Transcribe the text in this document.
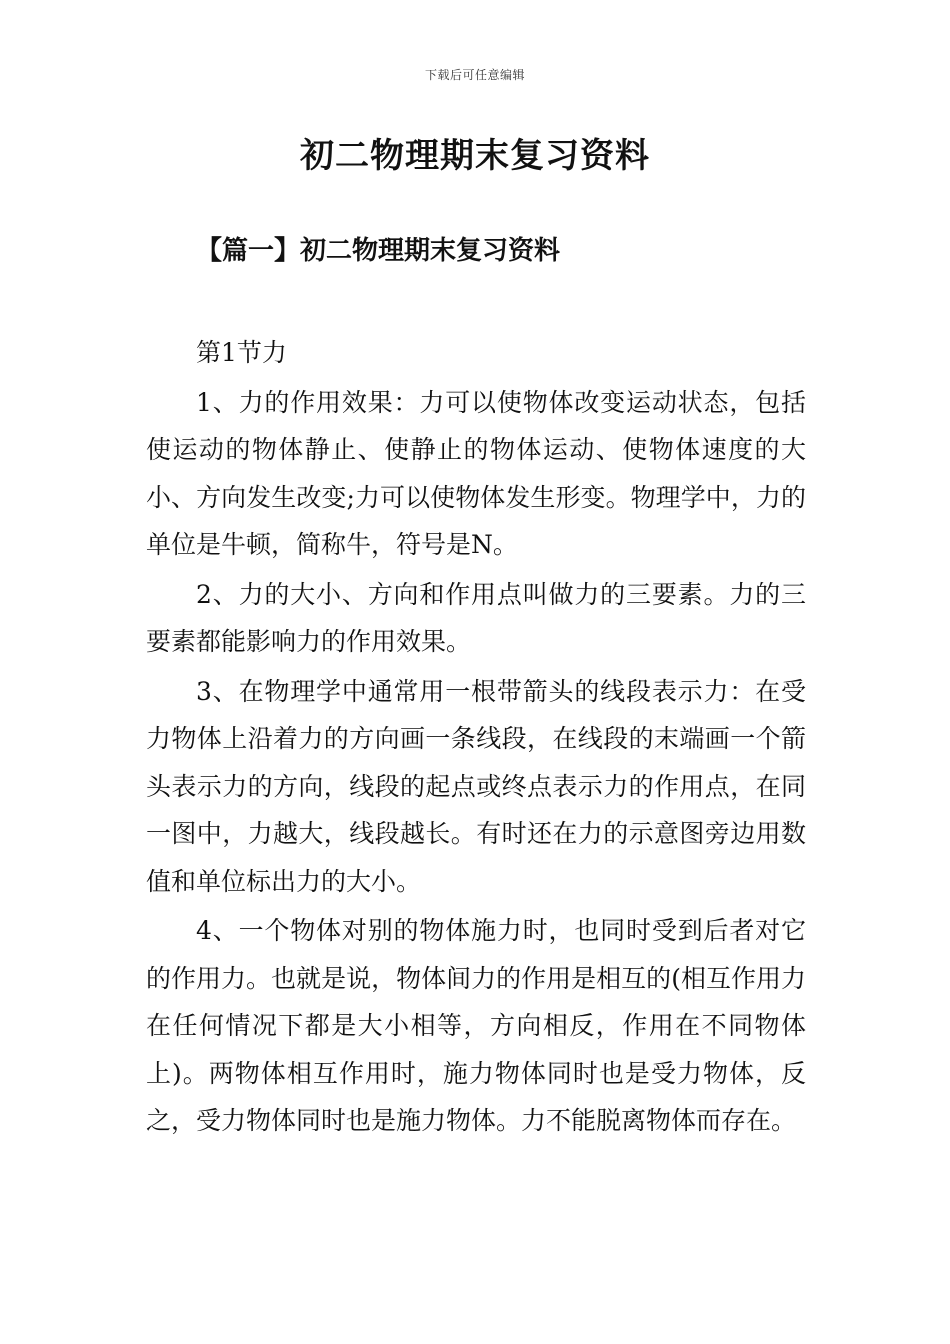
下载后可任意编辑
初二物理期末复习资料
【篇一】初二物理期末复习资料

第1节力

1、力的作用效果：力可以使物体改变运动状态，包括使运动的物体静止、使静止的物体运动、使物体速度的大小、方向发生改变;力可以使物体发生形变。物理学中，力的单位是牛顿，简称牛，符号是N。

2、力的大小、方向和作用点叫做力的三要素。力的三要素都能影响力的作用效果。

3、在物理学中通常用一根带箭头的线段表示力：在受力物体上沿着力的方向画一条线段，在线段的末端画一个箭头表示力的方向，线段的起点或终点表示力的作用点，在同一图中，力越大，线段越长。有时还在力的示意图旁边用数值和单位标出力的大小。

4、一个物体对别的物体施力时，也同时受到后者对它的作用力。也就是说，物体间力的作用是相互的(相互作用力在任何情况下都是大小相等，方向相反，作用在不同物体上)。两物体相互作用时，施力物体同时也是受力物体，反之，受力物体同时也是施力物体。力不能脱离物体而存在。
